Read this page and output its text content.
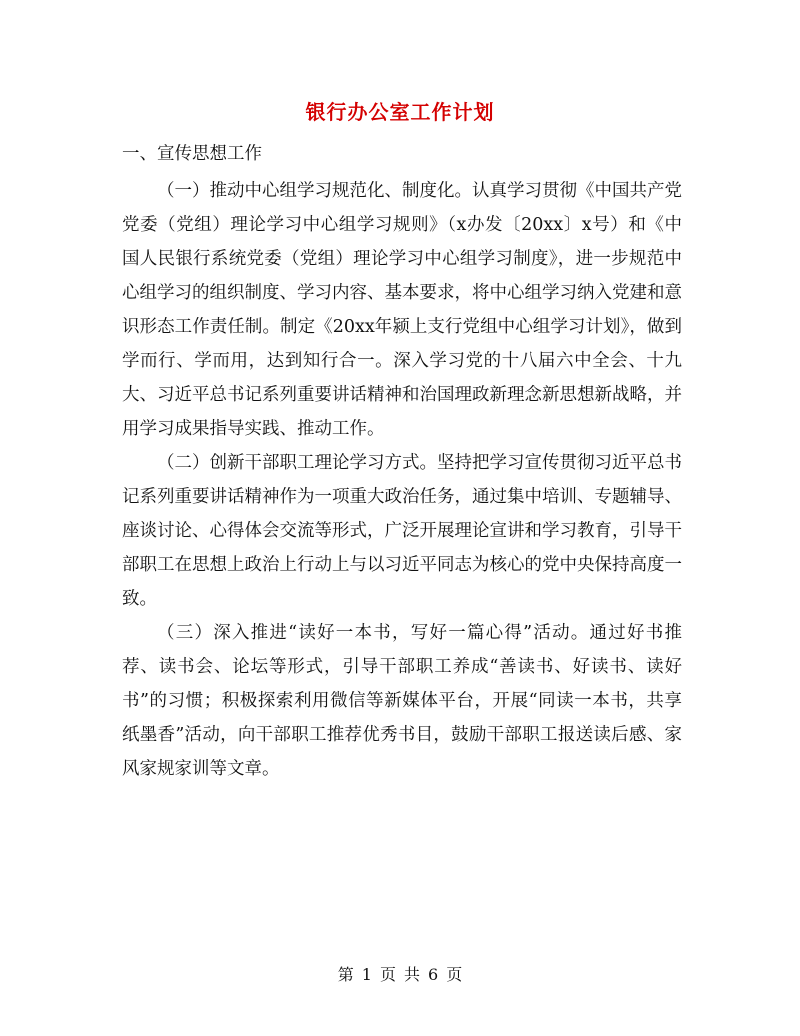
银行办公室工作计划

一、宣传思想工作

（一）推动中心组学习规范化、制度化。认真学习贯彻《中国共产党党委（党组）理论学习中心组学习规则》（x办发〔20xx〕x号）和《中国人民银行系统党委（党组）理论学习中心组学习制度》，进一步规范中心组学习的组织制度、学习内容、基本要求，将中心组学习纳入党建和意识形态工作责任制。制定《20xx年颍上支行党组中心组学习计划》，做到学而行、学而用，达到知行合一。深入学习党的十八届六中全会、十九大、习近平总书记系列重要讲话精神和治国理政新理念新思想新战略，并用学习成果指导实践、推动工作。

（二）创新干部职工理论学习方式。坚持把学习宣传贯彻习近平总书记系列重要讲话精神作为一项重大政治任务，通过集中培训、专题辅导、座谈讨论、心得体会交流等形式，广泛开展理论宣讲和学习教育，引导干部职工在思想上政治上行动上与以习近平同志为核心的党中央保持高度一致。

（三）深入推进“读好一本书，写好一篇心得”活动。通过好书推荐、读书会、论坛等形式，引导干部职工养成“善读书、好读书、读好书”的习惯；积极探索利用微信等新媒体平台，开展“同读一本书，共享纸墨香”活动，向干部职工推荐优秀书目，鼓励干部职工报送读后感、家风家规家训等文章。

第 1 页 共 6 页
